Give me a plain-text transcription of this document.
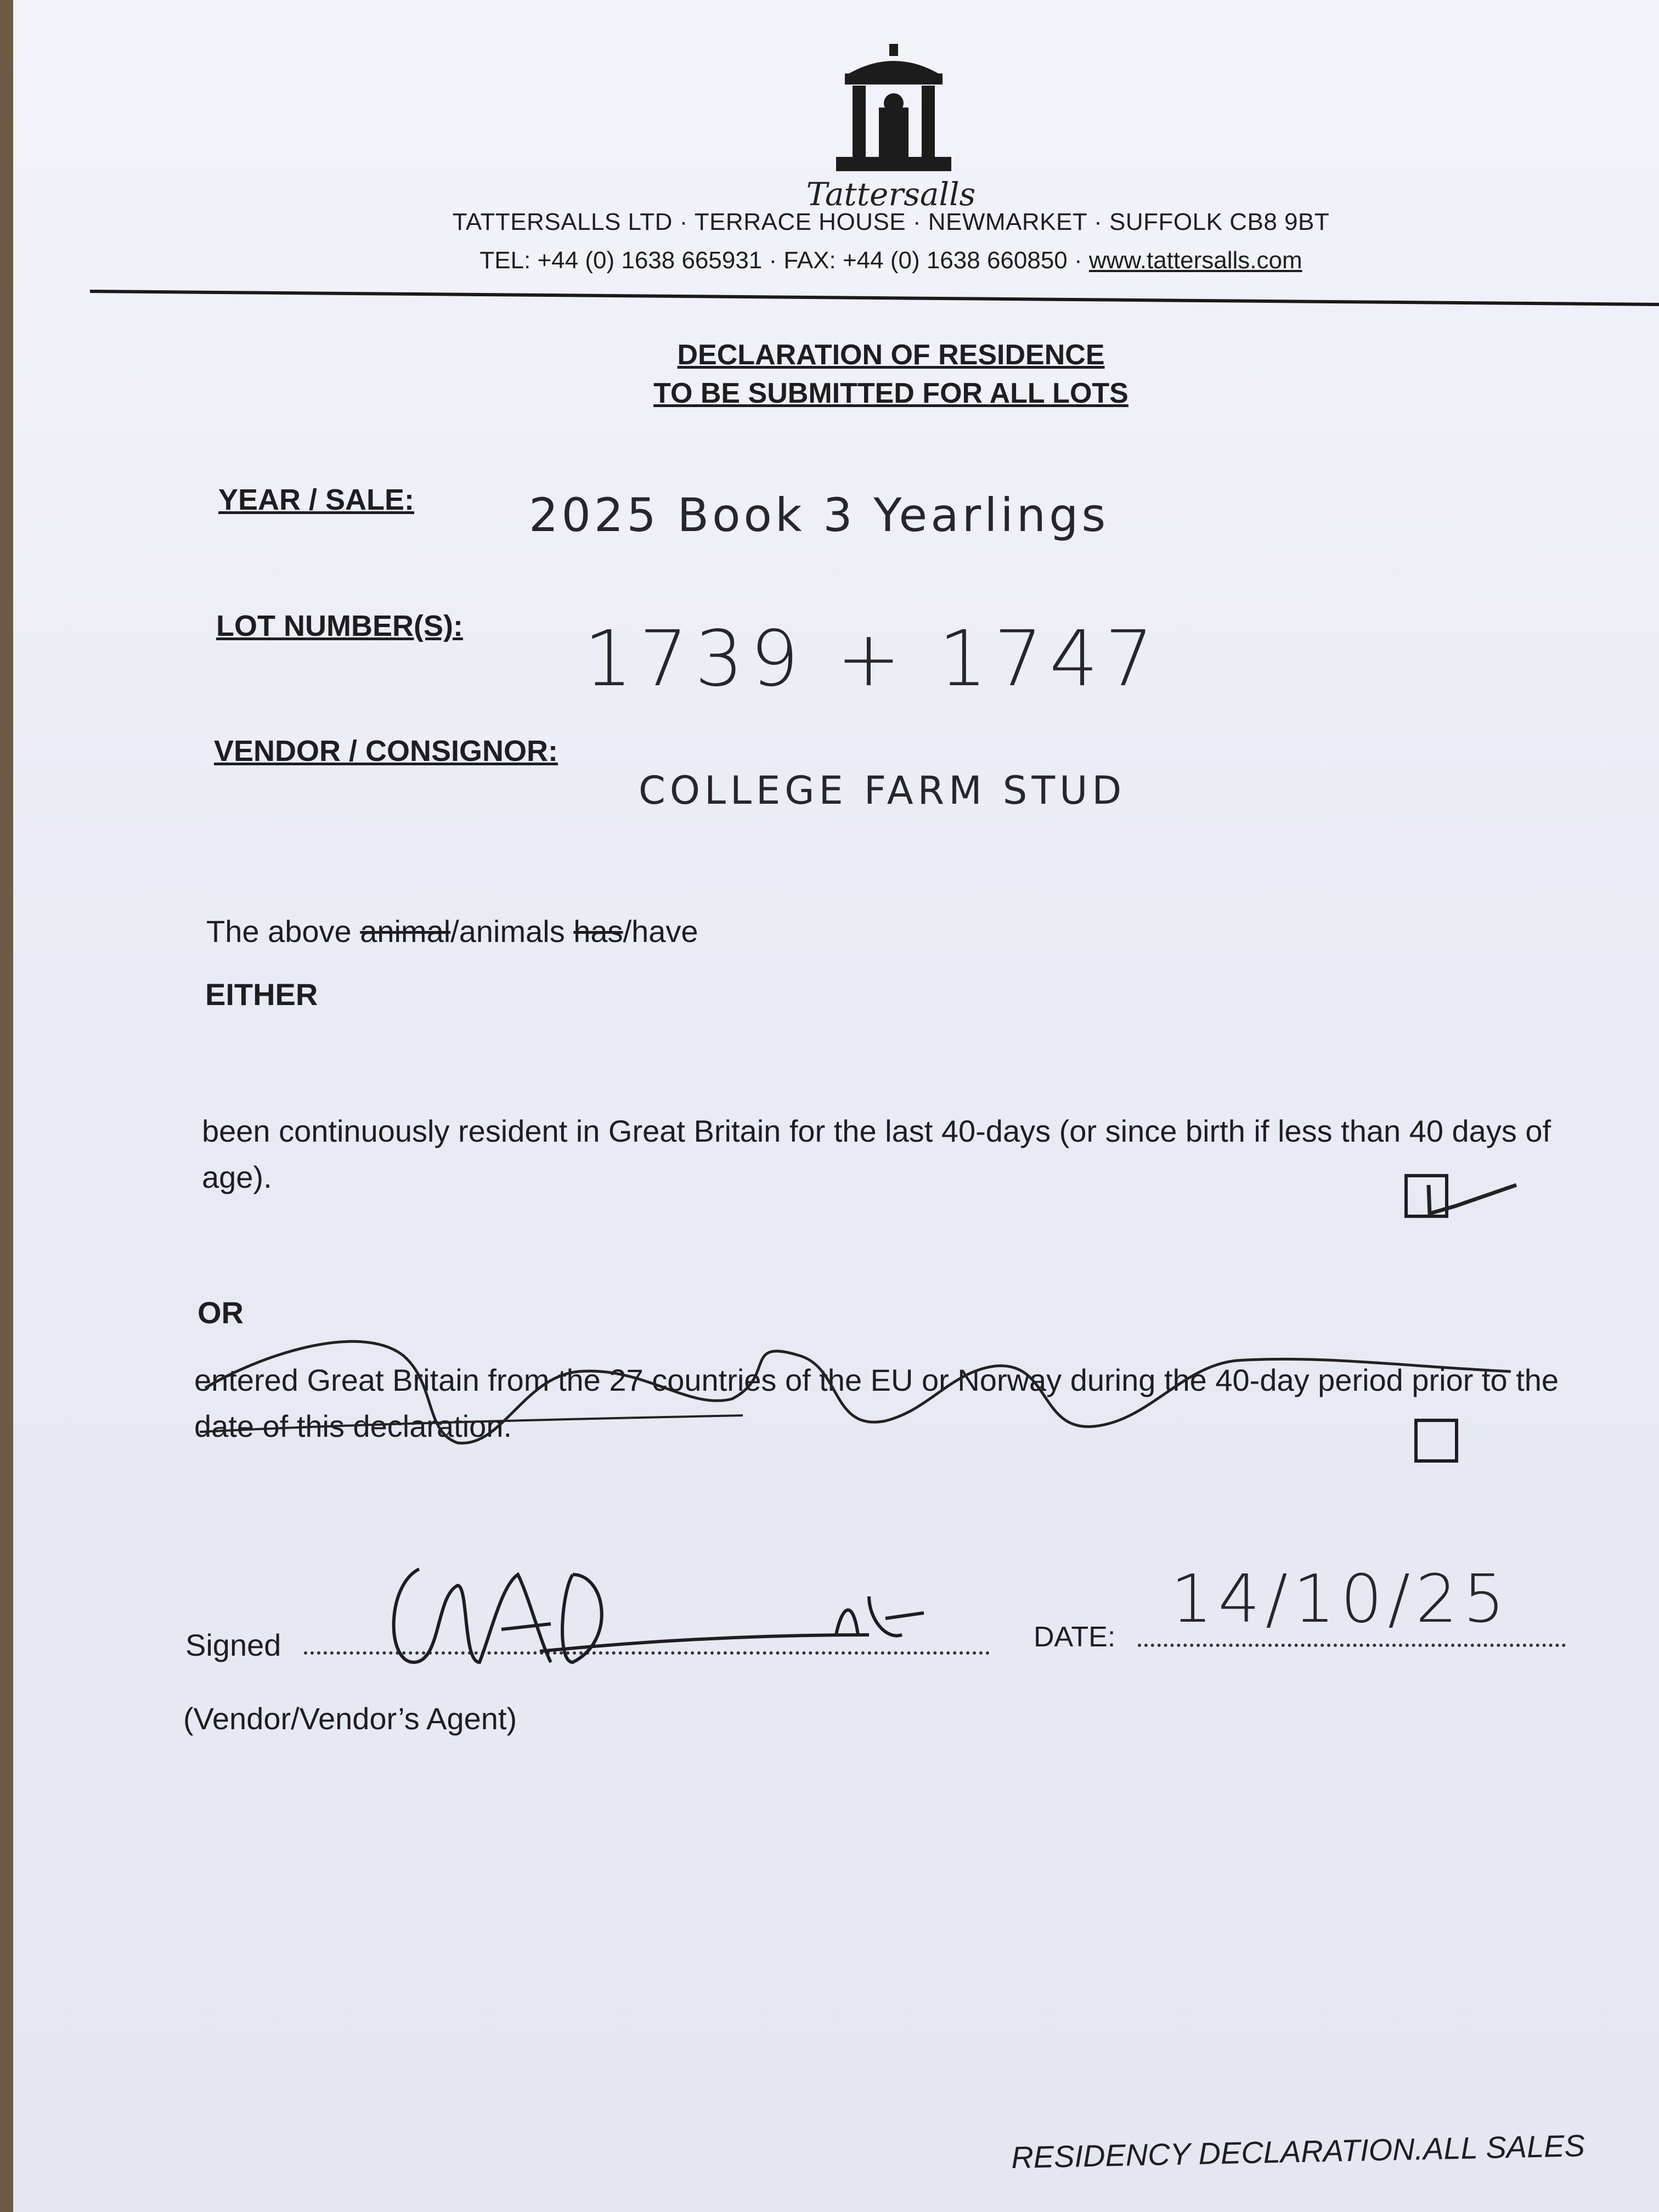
Tattersalls
TATTERSALLS LTD · TERRACE HOUSE · NEWMARKET · SUFFOLK CB8 9BT
TEL: +44 (0) 1638 665931 · FAX: +44 (0) 1638 660850 · www.tattersalls.com
DECLARATION OF RESIDENCE
TO BE SUBMITTED FOR ALL LOTS
YEAR / SALE: 2025 Book 3 Yearlings
LOT NUMBER(S): 1739 + 1747
VENDOR / CONSIGNOR:
COLLEGE FARM STUD
The above animal/animals has/have
EITHER
been continuously resident in Great Britain for the last 40-days (or since birth if less than 40 days of age).
OR
entered Great Britain from the 27 countries of the EU or Norway during the 40-day period prior to the date of this declaration.
Signed	DATE: 14/10/25
(Vendor/Vendor’s Agent)
RESIDENCY DECLARATION.ALL SALES
